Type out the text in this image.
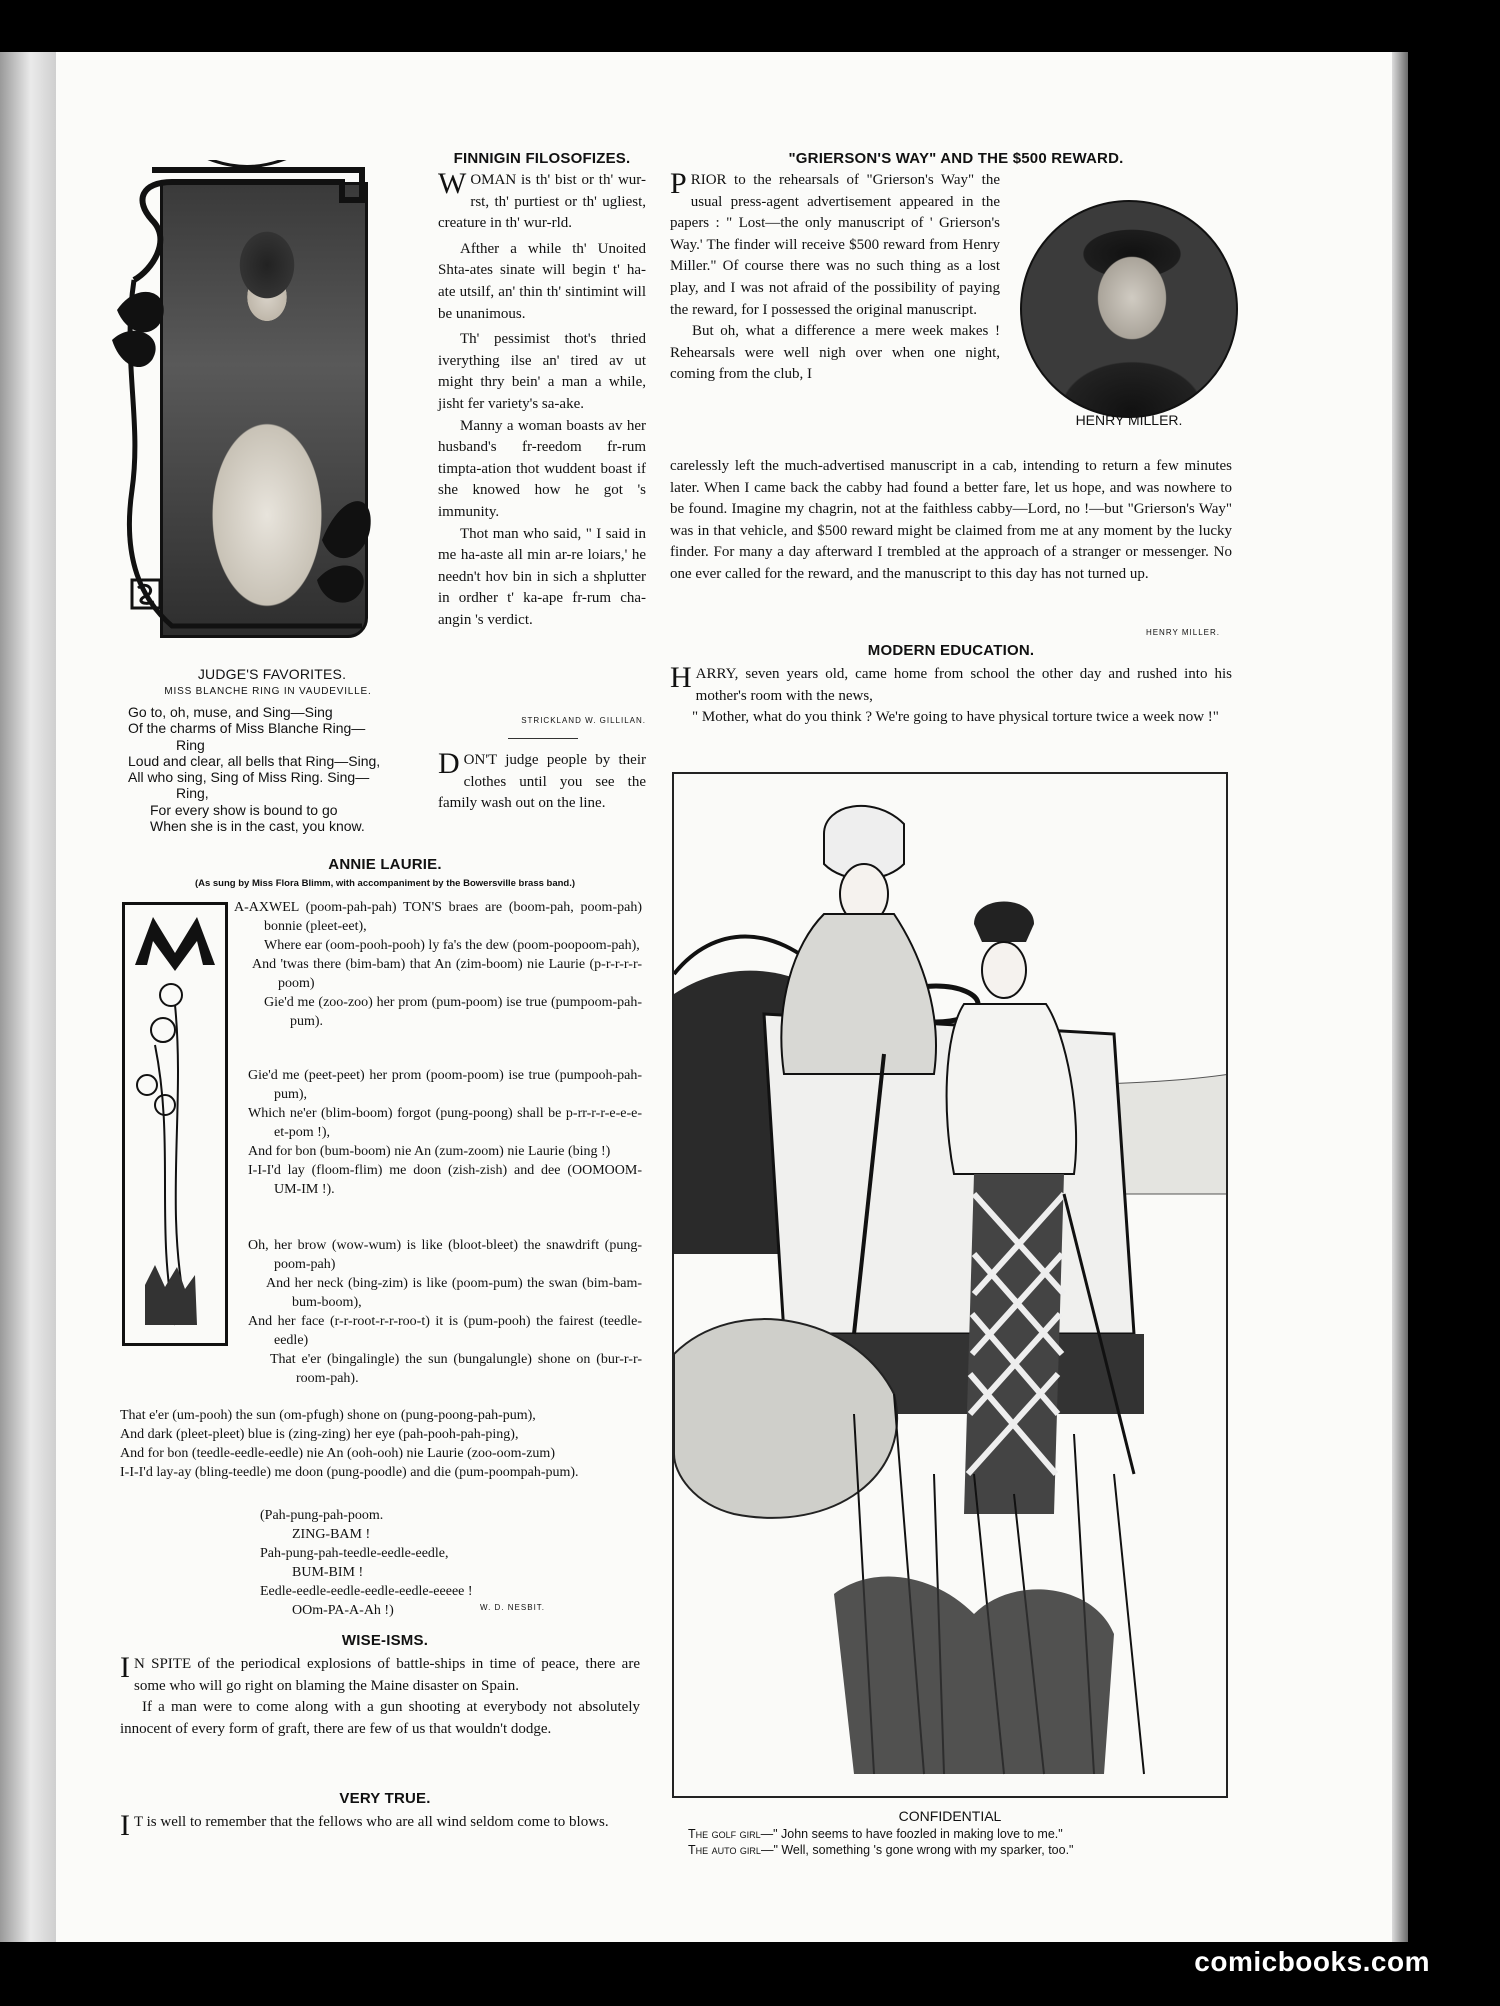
JUDGE'S FAVORITES.
MISS BLANCHE RING IN VAUDEVILLE.
Go to, oh, muse, and Sing—Sing
Of the charms of Miss Blanche Ring—
Ring
Loud and clear, all bells that Ring—Sing,
All who sing, Sing of Miss Ring. Sing—
Ring,
For every show is bound to go
When she is in the cast, you know.
FINNIGIN FILOSOFIZES.

WOMAN is th' bist or th' wur-rst, th' purtiest or th' ugliest, creature in th' wur-rld.

Afther a while th' Unoited Shta-ates sinate will begin t' ha-ate utsilf, an' thin th' sintimint will be unanimous.

Th' pessimist thot's thried iverything ilse an' tired av ut might thry bein' a man a while, jisht fer variety's sa-ake.

Manny a woman boasts av her husband's fr-reedom fr-rum timpta-ation thot wuddent boast if she knowed how he got 's immunity.

Thot man who said, " I said in me ha-aste all min ar-re loiars,' he needn't hov bin in sich a shplutter in ordher t' ka-ape fr-rum cha-angin 's verdict.

STRICKLAND W. GILLILAN.

DON'T judge people by their clothes until you see the family wash out on the line.

"GRIERSON'S WAY" AND THE $500 REWARD.
HENRY MILLER.

PRIOR to the rehearsals of "Grierson's Way" the usual press-agent advertisement appeared in the papers : " Lost—the only manuscript of ' Grierson's Way.' The finder will receive $500 reward from Henry Miller." Of course there was no such thing as a lost play, and I was not afraid of the possibility of paying the reward, for I possessed the original manuscript.

But oh, what a difference a mere week makes ! Rehearsals were well nigh over when one night, coming from the club, I

carelessly left the much-advertised manuscript in a cab, intending to return a few minutes later. When I came back the cabby had found a better fare, let us hope, and was nowhere to be found. Imagine my chagrin, not at the faithless cabby—Lord, no !—but "Grierson's Way" was in that vehicle, and $500 reward might be claimed from me at any moment by the lucky finder. For many a day afterward I trembled at the approach of a stranger or messenger. No one ever called for the reward, and the manuscript to this day has not turned up.
HENRY MILLER.
MODERN EDUCATION.

HARRY, seven years old, came home from school the other day and rushed into his mother's room with the news,

" Mother, what do you think ? We're going to have physical torture twice a week now !"

CONFIDENTIAL
The golf girl—" John seems to have foozled in making love to me."
The auto girl—" Well, something 's gone wrong with my sparker, too."
ANNIE LAURIE.
(As sung by Miss Flora Blimm, with accompaniment by the Bowersville brass band.)
A-AXWEL (poom-pah-pah) TON'S braes are (boom-pah, poom-pah) bonnie (pleet-eet),
Where ear (oom-pooh-pooh) ly fa's the dew (poom-poopoom-pah),
And 'twas there (bim-bam) that An (zim-boom) nie Laurie (p-r-r-r-r-poom)
Gie'd me (zoo-zoo) her prom (pum-poom) ise true (pumpoom-pah-pum).
Gie'd me (peet-peet) her prom (poom-poom) ise true (pumpooh-pah-pum),
Which ne'er (blim-boom) forgot (pung-poong) shall be p-rr-r-r-e-e-e-et-pom !),
And for bon (bum-boom) nie An (zum-zoom) nie Laurie (bing !)
I-I-I'd lay (floom-flim) me doon (zish-zish) and dee (OOMOOM-UM-IM !).
Oh, her brow (wow-wum) is like (bloot-bleet) the snawdrift (pung-poom-pah)
And her neck (bing-zim) is like (poom-pum) the swan (bim-bam-bum-boom),
And her face (r-r-root-r-r-roo-t) it is (pum-pooh) the fairest (teedle-eedle)
That e'er (bingalingle) the sun (bungalungle) shone on (bur-r-r-room-pah).
That e'er (um-pooh) the sun (om-pfugh) shone on (pung-poong-pah-pum),
And dark (pleet-pleet) blue is (zing-zing) her eye (pah-pooh-pah-ping),
And for bon (teedle-eedle-eedle) nie An (ooh-ooh) nie Laurie (zoo-oom-zum)
I-I-I'd lay-ay (bling-teedle) me doon (pung-poodle) and die (pum-poompah-pum).
(Pah-pung-pah-poom.
ZING-BAM !
Pah-pung-pah-teedle-eedle-eedle,
BUM-BIM !
Eedle-eedle-eedle-eedle-eedle-eeeee !
OOm-PA-A-Ah !)	W. D. NESBIT.
WISE-ISMS.

I N SPITE of the periodical explosions of battle-ships in time of peace, there are some who will go right on blaming the Maine disaster on Spain.

If a man were to come along with a gun shooting at everybody not absolutely innocent of every form of graft, there are few of us that wouldn't dodge.

VERY TRUE.

I T is well to remember that the fellows who are all wind seldom come to blows.

comicbooks.com
